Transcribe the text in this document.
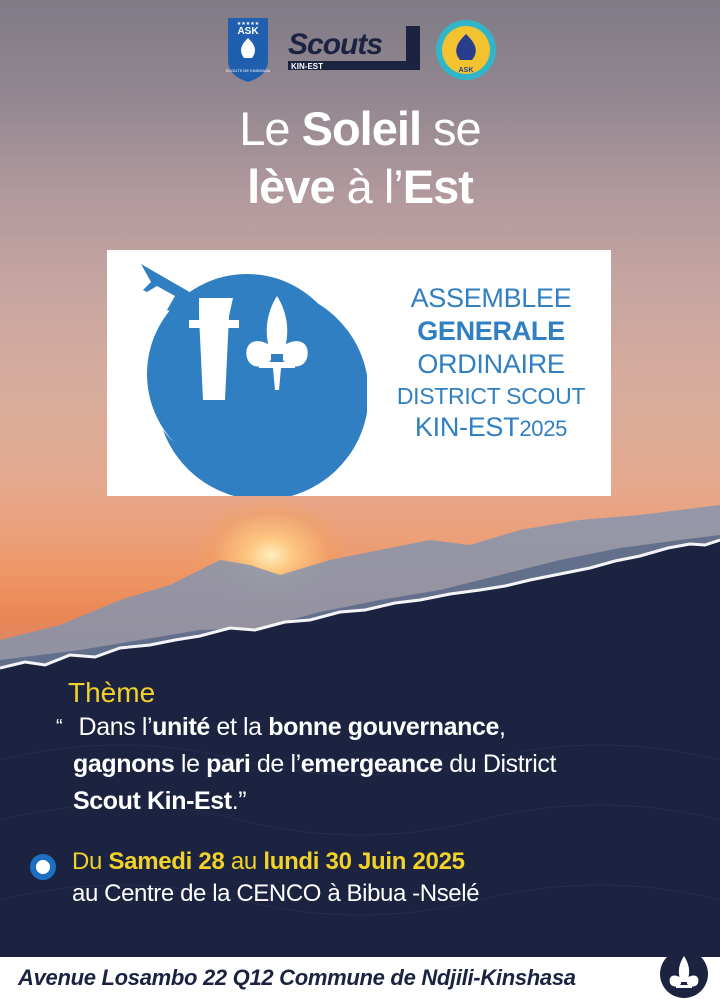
ASK
SCOUTS DE KINSHASA
★★★★★
Scouts
KIN-EST	ASK
Le Soleil se
lève à l’Est
ASSEMBLEE
GENERALE
ORDINAIRE
DISTRICT SCOUT
KIN-EST2025
Thème
“ Dans l’unité et la bonne gouvernance,
gagnons le pari de l’emergeance du District
Scout Kin-Est.”
Du Samedi 28 au lundi 30 Juin 2025
au Centre de la CENCO à Bibua -Nselé
Avenue Losambo 22 Q12 Commune de Ndjili-Kinshasa
